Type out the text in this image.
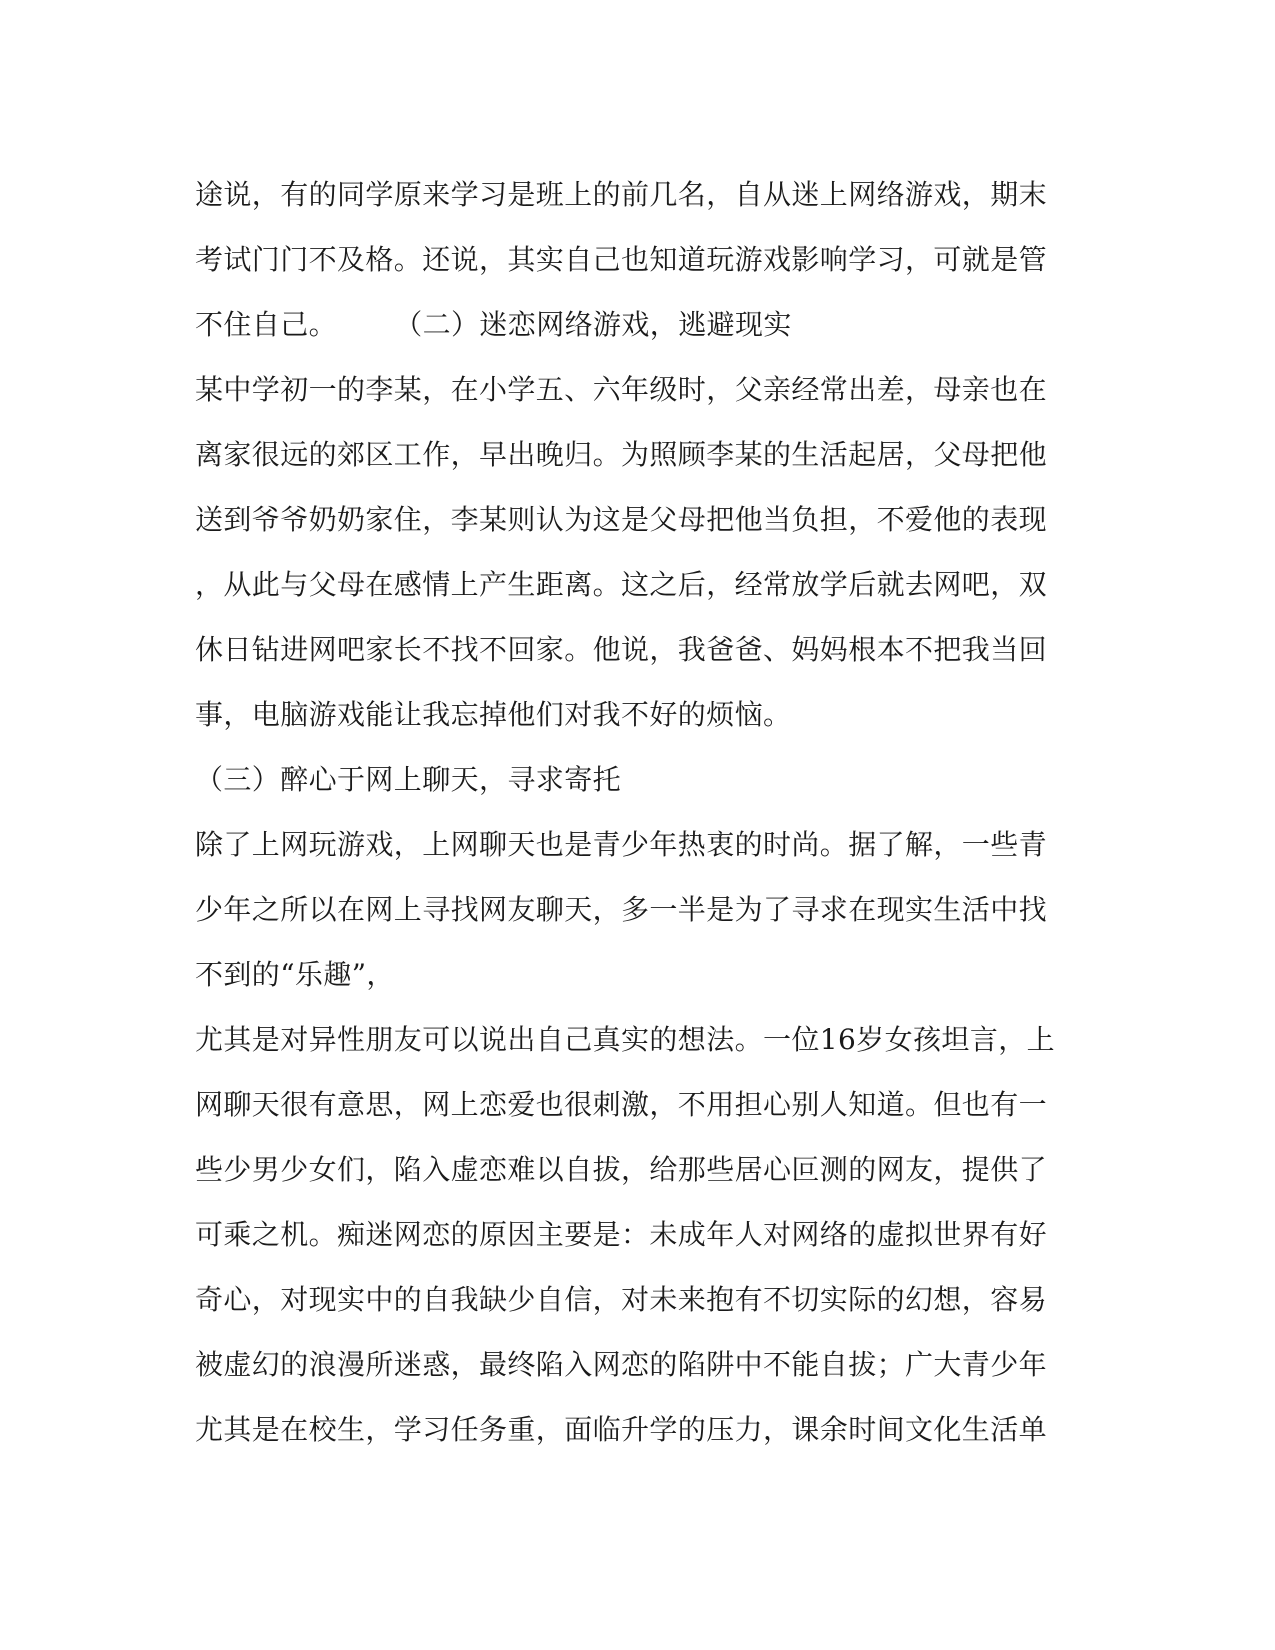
途说，有的同学原来学习是班上的前几名，自从迷上网络游戏，期末
考试门门不及格。还说，其实自己也知道玩游戏影响学习，可就是管
不住自己。　　　（二）迷恋网络游戏，逃避现实
某中学初一的李某，在小学五、六年级时，父亲经常出差，母亲也在
离家很远的郊区工作，早出晚归。为照顾李某的生活起居，父母把他
送到爷爷奶奶家住，李某则认为这是父母把他当负担，不爱他的表现
，从此与父母在感情上产生距离。这之后，经常放学后就去网吧，双
休日钻进网吧家长不找不回家。他说，我爸爸、妈妈根本不把我当回
事，电脑游戏能让我忘掉他们对我不好的烦恼。
（三）醉心于网上聊天，寻求寄托
除了上网玩游戏，上网聊天也是青少年热衷的时尚。据了解，一些青
少年之所以在网上寻找网友聊天，多一半是为了寻求在现实生活中找
不到的“乐趣”，
尤其是对异性朋友可以说出自己真实的想法。一位16岁女孩坦言，上
网聊天很有意思，网上恋爱也很刺激，不用担心别人知道。但也有一
些少男少女们，陷入虚恋难以自拔，给那些居心叵测的网友，提供了
可乘之机。痴迷网恋的原因主要是：未成年人对网络的虚拟世界有好
奇心，对现实中的自我缺少自信，对未来抱有不切实际的幻想，容易
被虚幻的浪漫所迷惑，最终陷入网恋的陷阱中不能自拔；广大青少年
尤其是在校生，学习任务重，面临升学的压力，课余时间文化生活单
